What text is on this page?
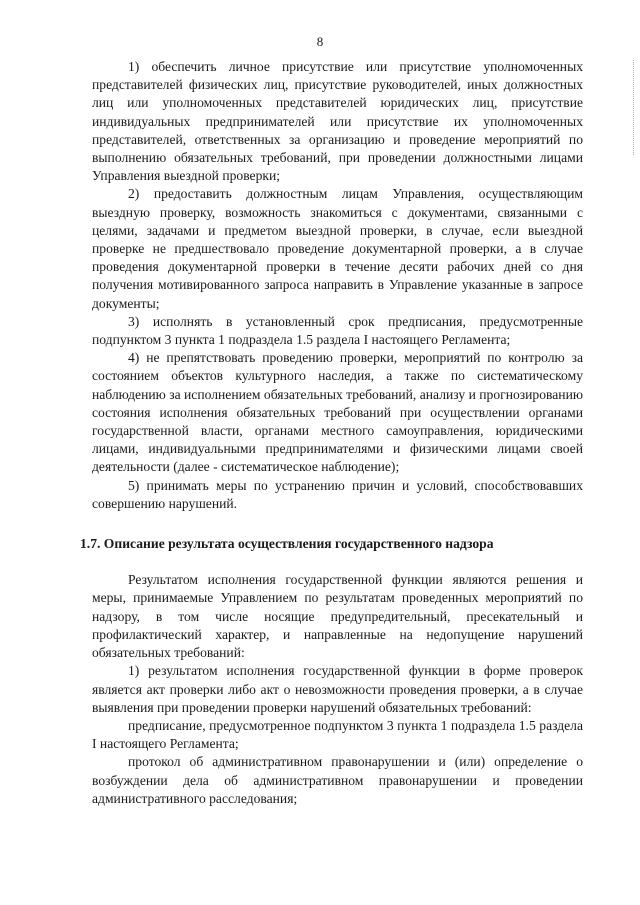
8

1) обеспечить личное присутствие или присутствие уполномоченных представителей физических лиц, присутствие руководителей, иных должностных лиц или уполномоченных представителей юридических лиц, присутствие индивидуальных предпринимателей или присутствие их уполномоченных представителей, ответственных за организацию и проведение мероприятий по выполнению обязательных требований, при проведении должностными лицами Управления выездной проверки;

2) предоставить должностным лицам Управления, осуществляющим выездную проверку, возможность знакомиться с документами, связанными с целями, задачами и предметом выездной проверки, в случае, если выездной проверке не предшествовало проведение документарной проверки, а в случае проведения документарной проверки в течение десяти рабочих дней со дня получения мотивированного запроса направить в Управление указанные в запросе документы;

3) исполнять в установленный срок предписания, предусмотренные подпунктом 3 пункта 1 подраздела 1.5 раздела I настоящего Регламента;

4) не препятствовать проведению проверки, мероприятий по контролю за состоянием объектов культурного наследия, а также по систематическому наблюдению за исполнением обязательных требований, анализу и прогнозированию состояния исполнения обязательных требований при осуществлении органами государственной власти, органами местного самоуправления, юридическими лицами, индивидуальными предпринимателями и физическими лицами своей деятельности (далее - систематическое наблюдение);

5) принимать меры по устранению причин и условий, способствовавших совершению нарушений.

1.7. Описание результата осуществления государственного надзора

Результатом исполнения государственной функции являются решения и меры, принимаемые Управлением по результатам проведенных мероприятий по надзору, в том числе носящие предупредительный, пресекательный и профилактический характер, и направленные на недопущение нарушений обязательных требований:

1) результатом исполнения государственной функции в форме проверок является акт проверки либо акт о невозможности проведения проверки, а в случае выявления при проведении проверки нарушений обязательных требований:

предписание, предусмотренное подпунктом 3 пункта 1 подраздела 1.5 раздела I настоящего Регламента;

протокол об административном правонарушении и (или) определение о возбуждении дела об административном правонарушении и проведении административного расследования;
